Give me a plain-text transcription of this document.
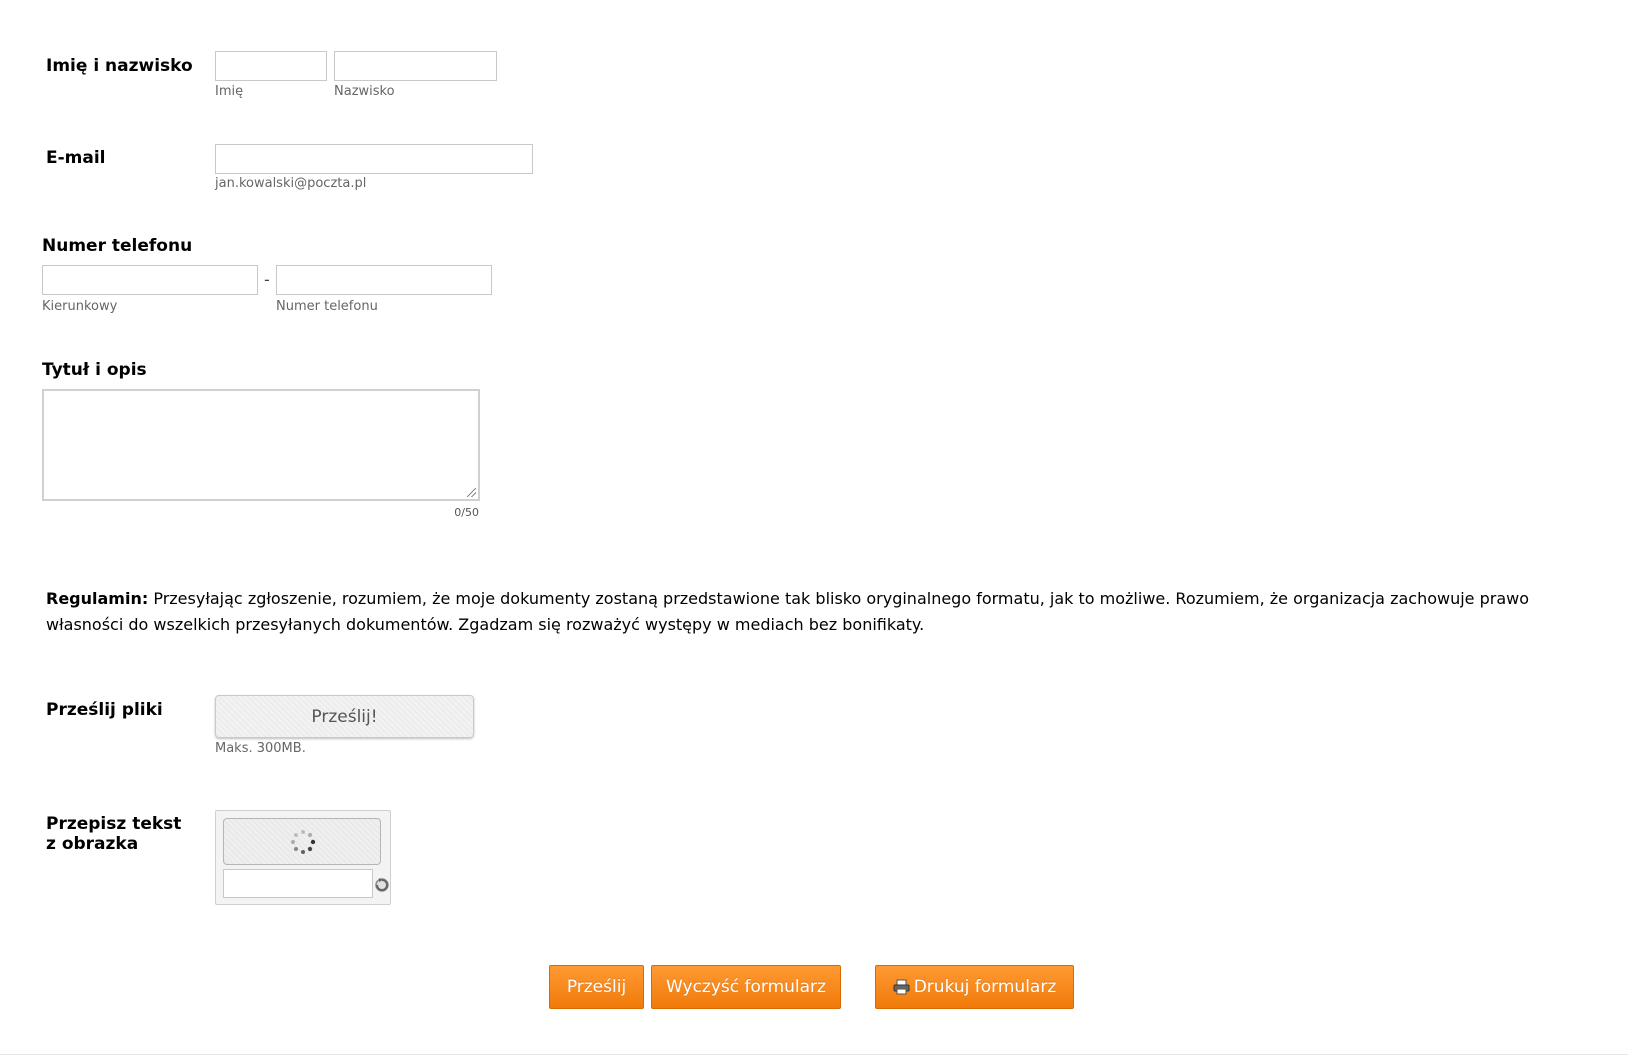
Imię i nazwisko
Imię	Nazwisko
E-mail
jan.kowalski@poczta.pl
Numer telefonu
-
Kierunkowy	Numer telefonu
Tytuł i opis
0/50
Regulamin: Przesyłając zgłoszenie, rozumiem, że moje dokumenty zostaną przedstawione tak blisko oryginalnego formatu, jak to możliwe. Rozumiem, że organizacja zachowuje prawo własności do wszelkich przesyłanych dokumentów. Zgadzam się rozważyć występy w mediach bez bonifikaty.
Prześlij pliki	Prześlij!
Maks. 300MB.
Przepisz tekst z obrazka
Prześlij	Wyczyść formularz	Drukuj formularz
